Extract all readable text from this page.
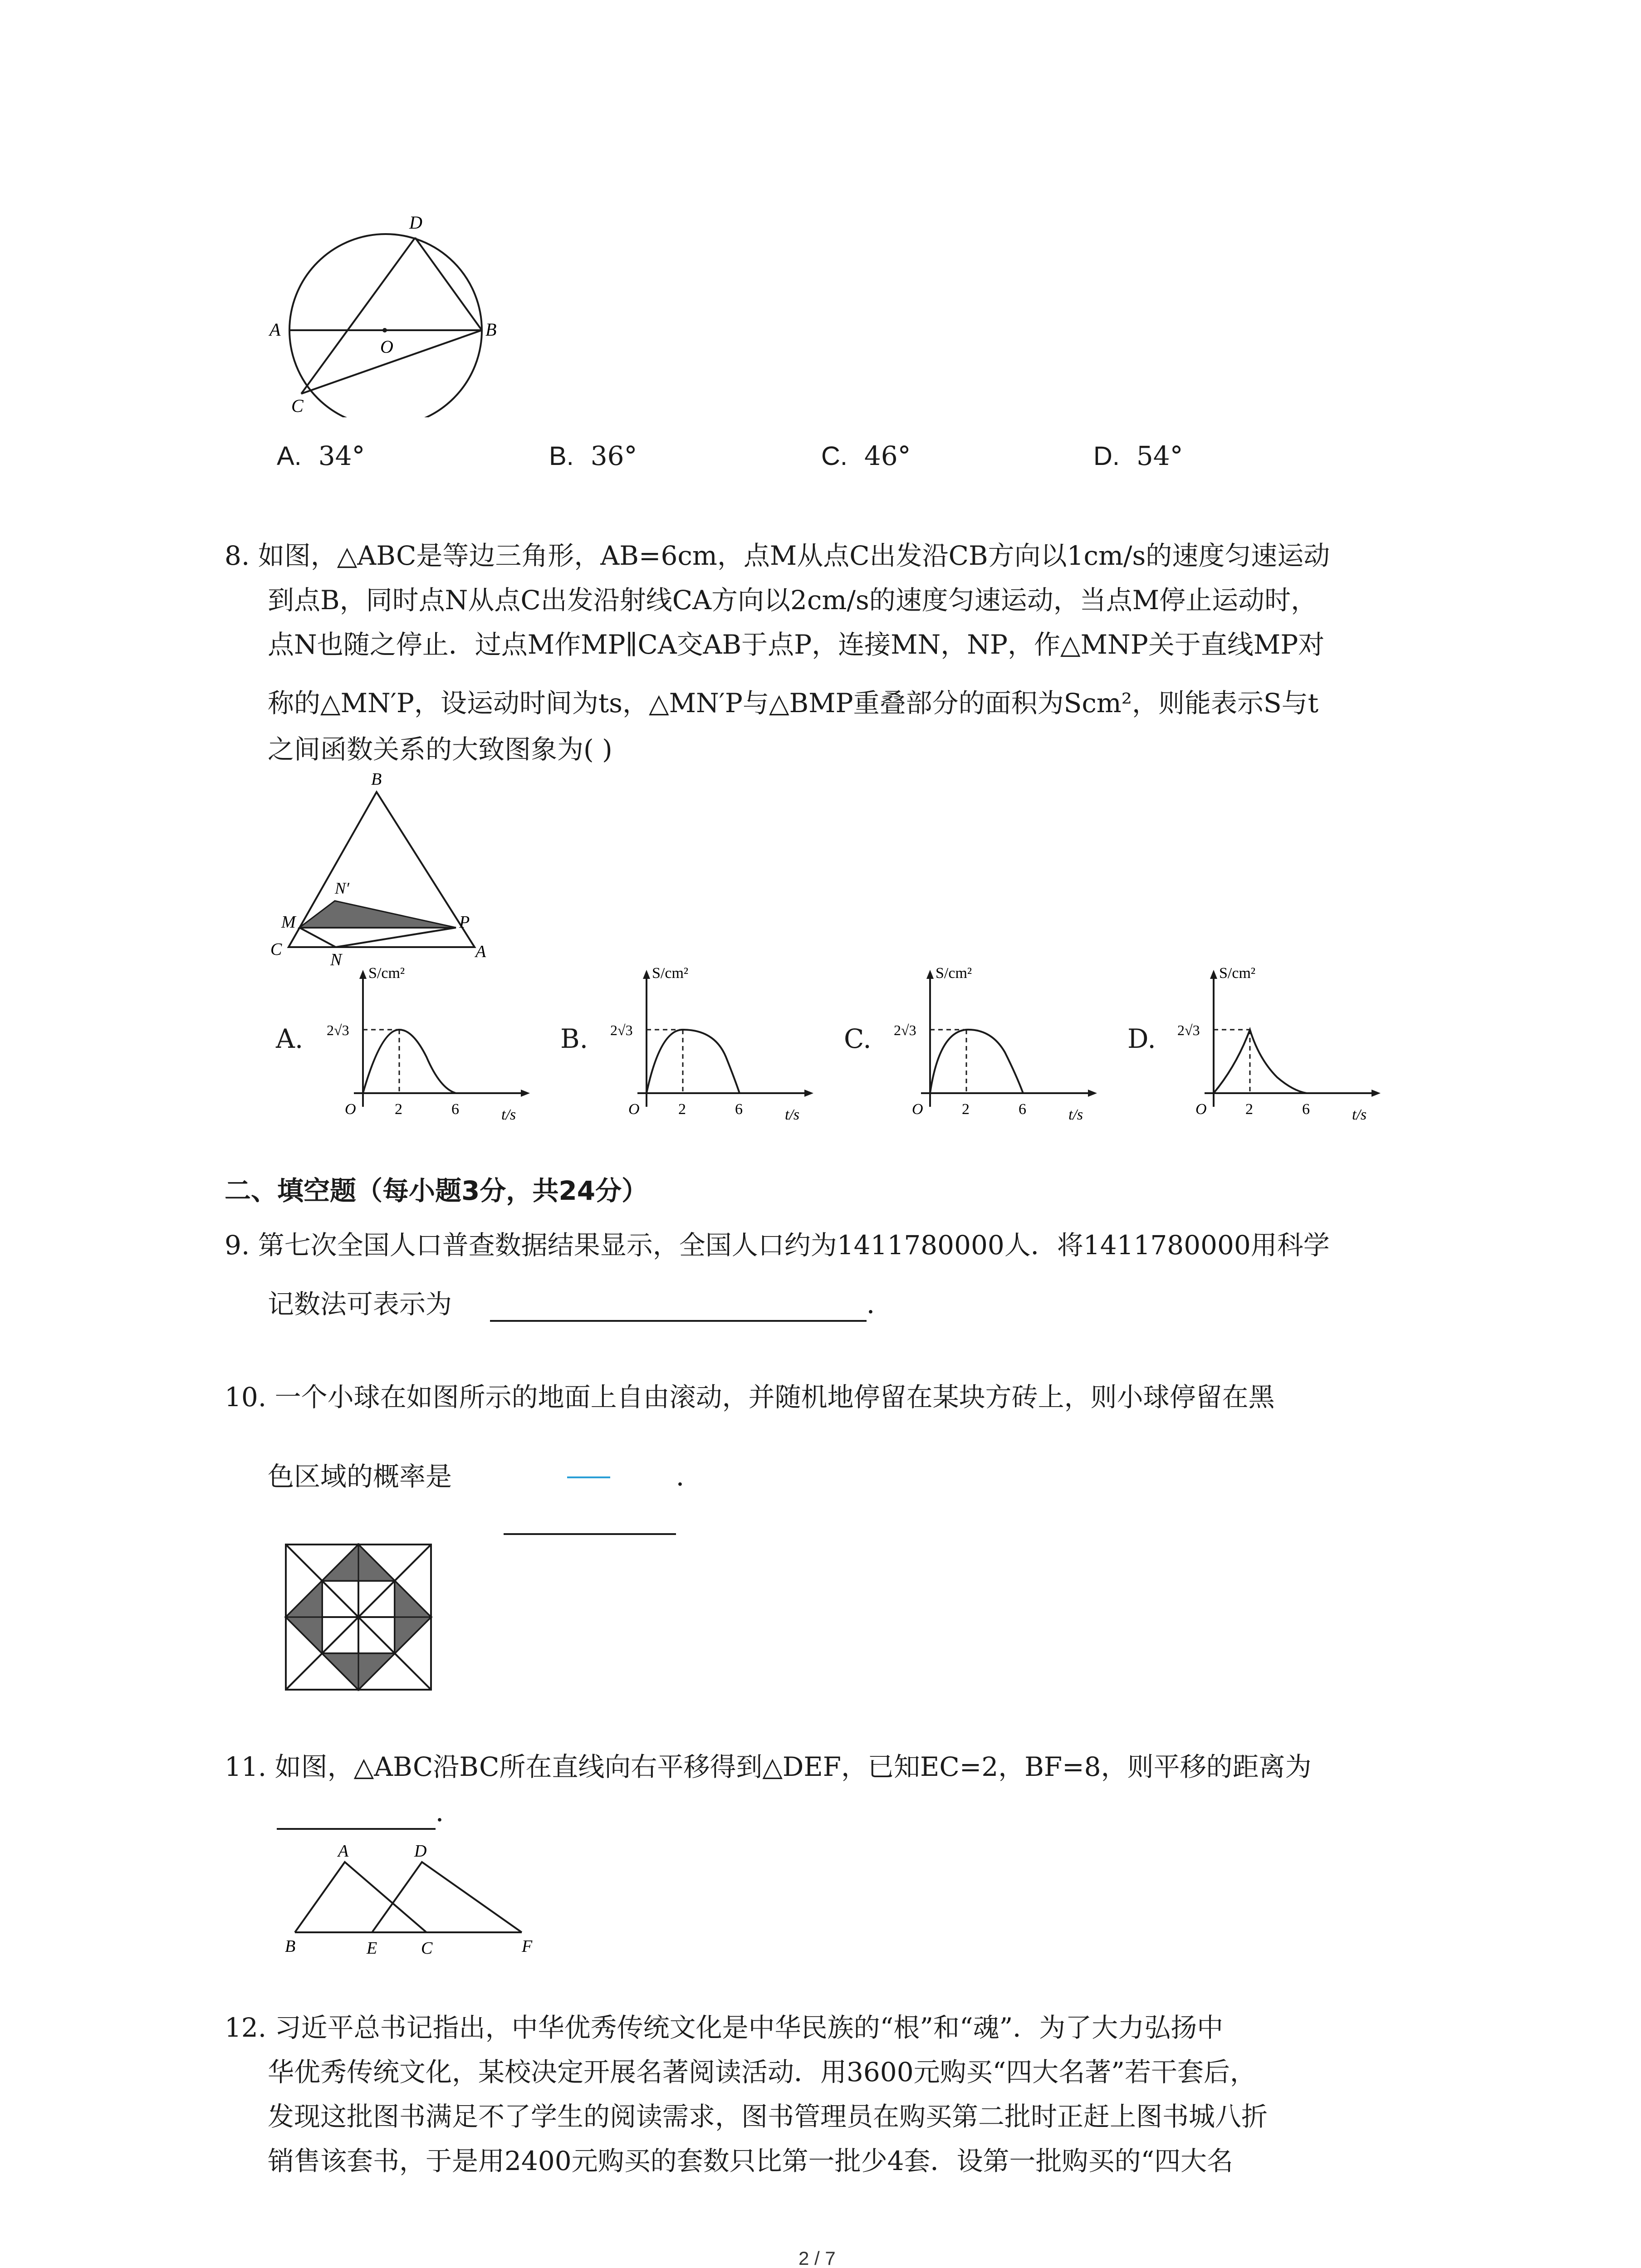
D
A
O
B
C
A. 34°	B. 36°	C. 46°	D. 54°
8. 如图，△ABC是等边三角形，AB=6cm，点M从点C出发沿CB方向以1cm/s的速度匀速运动
到点B，同时点N从点C出发沿射线CA方向以2cm/s的速度匀速运动，当点M停止运动时，
点N也随之停止．过点M作MP∥CA交AB于点P，连接MN，NP，作△MNP关于直线MP对
称的△MN′P，设运动时间为ts，△MN′P与△BMP重叠部分的面积为Scm²，则能表示S与t
之间函数关系的大致图象为( )
B
N′
M	P
C
N	A
A.	B.	C.	D.
S/cm²
2√3
O	2	6	t/s
S/cm²
2√3
O	2	6	t/s
S/cm²
2√3
O	2	6	t/s
S/cm²
2√3
O	2	6	t/s
二、填空题（每小题3分，共24分）
9. 第七次全国人口普查数据结果显示，全国人口约为1411780000人．将1411780000用科学
记数法可表示为	．
10. 一个小球在如图所示的地面上自由滚动，并随机地停留在某块方砖上，则小球停留在黑
色区域的概率是	．
11. 如图，△ABC沿BC所在直线向右平移得到△DEF，已知EC=2，BF=8，则平移的距离为
．
A	D
B	E	C	F
12. 习近平总书记指出，中华优秀传统文化是中华民族的“根”和“魂”．为了大力弘扬中
华优秀传统文化，某校决定开展名著阅读活动．用3600元购买“四大名著”若干套后，
发现这批图书满足不了学生的阅读需求，图书管理员在购买第二批时正赶上图书城八折
销售该套书，于是用2400元购买的套数只比第一批少4套．设第一批购买的“四大名
2 / 7
